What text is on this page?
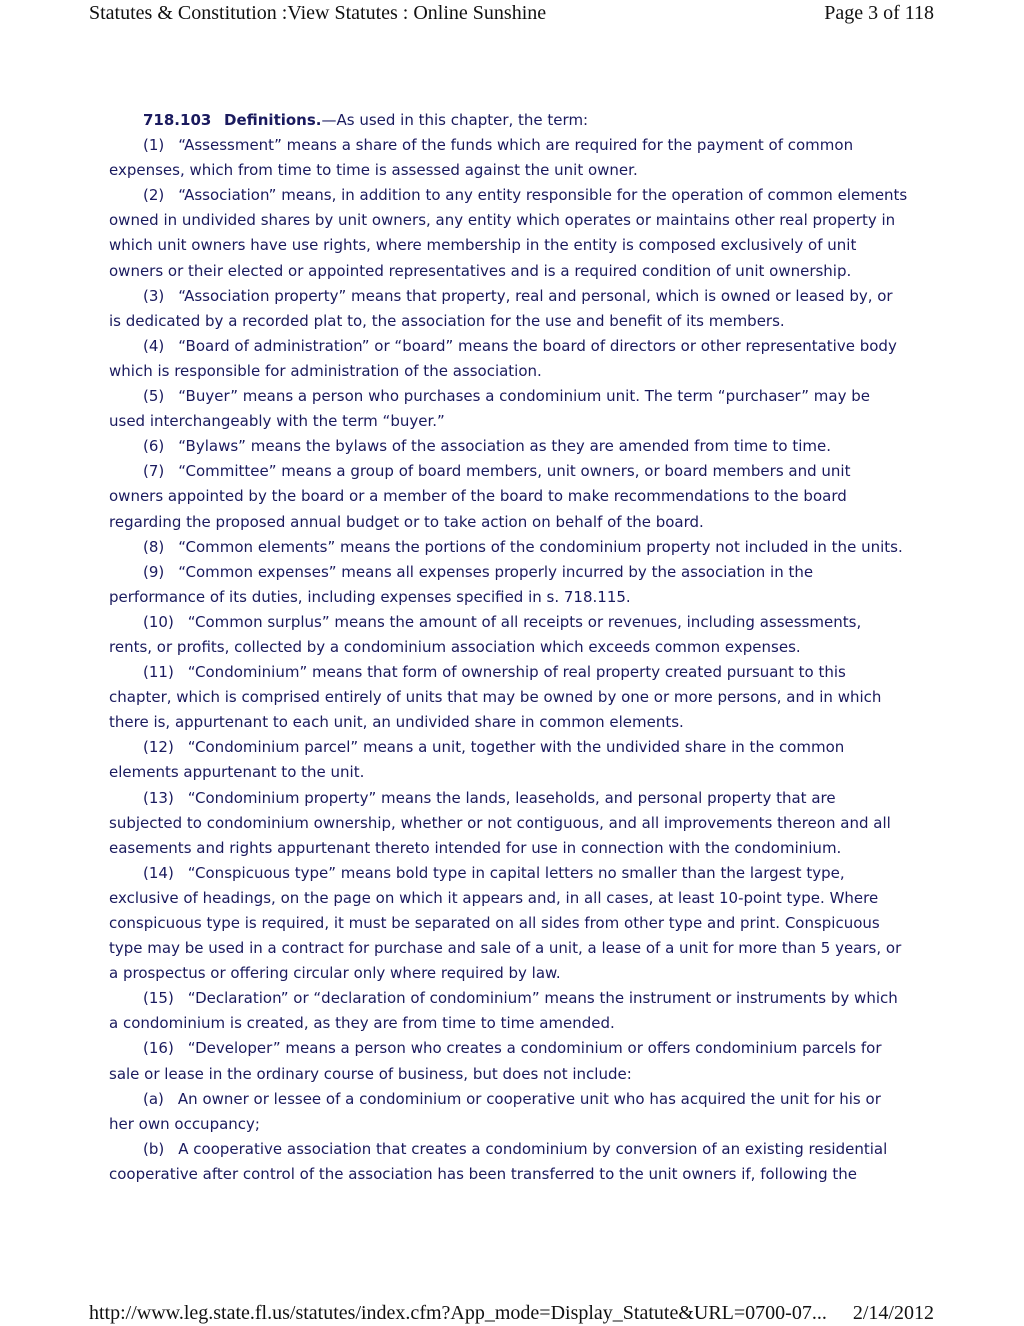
Statutes & Constitution :View Statutes : Online Sunshine	Page 3 of 118

718.103 Definitions.—As used in this chapter, the term:

(1) “Assessment” means a share of the funds which are required for the payment of common expenses, which from time to time is assessed against the unit owner.

(2) “Association” means, in addition to any entity responsible for the operation of common elements owned in undivided shares by unit owners, any entity which operates or maintains other real property in which unit owners have use rights, where membership in the entity is composed exclusively of unit owners or their elected or appointed representatives and is a required condition of unit ownership.

(3) “Association property” means that property, real and personal, which is owned or leased by, or is dedicated by a recorded plat to, the association for the use and benefit of its members.

(4) “Board of administration” or “board” means the board of directors or other representative body which is responsible for administration of the association.

(5) “Buyer” means a person who purchases a condominium unit. The term “purchaser” may be used interchangeably with the term “buyer.”

(6) “Bylaws” means the bylaws of the association as they are amended from time to time.

(7) “Committee” means a group of board members, unit owners, or board members and unit owners appointed by the board or a member of the board to make recommendations to the board regarding the proposed annual budget or to take action on behalf of the board.

(8) “Common elements” means the portions of the condominium property not included in the units.

(9) “Common expenses” means all expenses properly incurred by the association in the performance of its duties, including expenses specified in s. 718.115.

(10) “Common surplus” means the amount of all receipts or revenues, including assessments, rents, or profits, collected by a condominium association which exceeds common expenses.

(11) “Condominium” means that form of ownership of real property created pursuant to this chapter, which is comprised entirely of units that may be owned by one or more persons, and in which there is, appurtenant to each unit, an undivided share in common elements.

(12) “Condominium parcel” means a unit, together with the undivided share in the common elements appurtenant to the unit.

(13) “Condominium property” means the lands, leaseholds, and personal property that are subjected to condominium ownership, whether or not contiguous, and all improvements thereon and all easements and rights appurtenant thereto intended for use in connection with the condominium.

(14) “Conspicuous type” means bold type in capital letters no smaller than the largest type, exclusive of headings, on the page on which it appears and, in all cases, at least 10-point type. Where conspicuous type is required, it must be separated on all sides from other type and print. Conspicuous type may be used in a contract for purchase and sale of a unit, a lease of a unit for more than 5 years, or a prospectus or offering circular only where required by law.

(15) “Declaration” or “declaration of condominium” means the instrument or instruments by which a condominium is created, as they are from time to time amended.

(16) “Developer” means a person who creates a condominium or offers condominium parcels for sale or lease in the ordinary course of business, but does not include:

(a) An owner or lessee of a condominium or cooperative unit who has acquired the unit for his or her own occupancy;

(b) A cooperative association that creates a condominium by conversion of an existing residential cooperative after control of the association has been transferred to the unit owners if, following the

http://www.leg.state.fl.us/statutes/index.cfm?App_mode=Display_Statute&URL=0700-07... 2/14/2012
